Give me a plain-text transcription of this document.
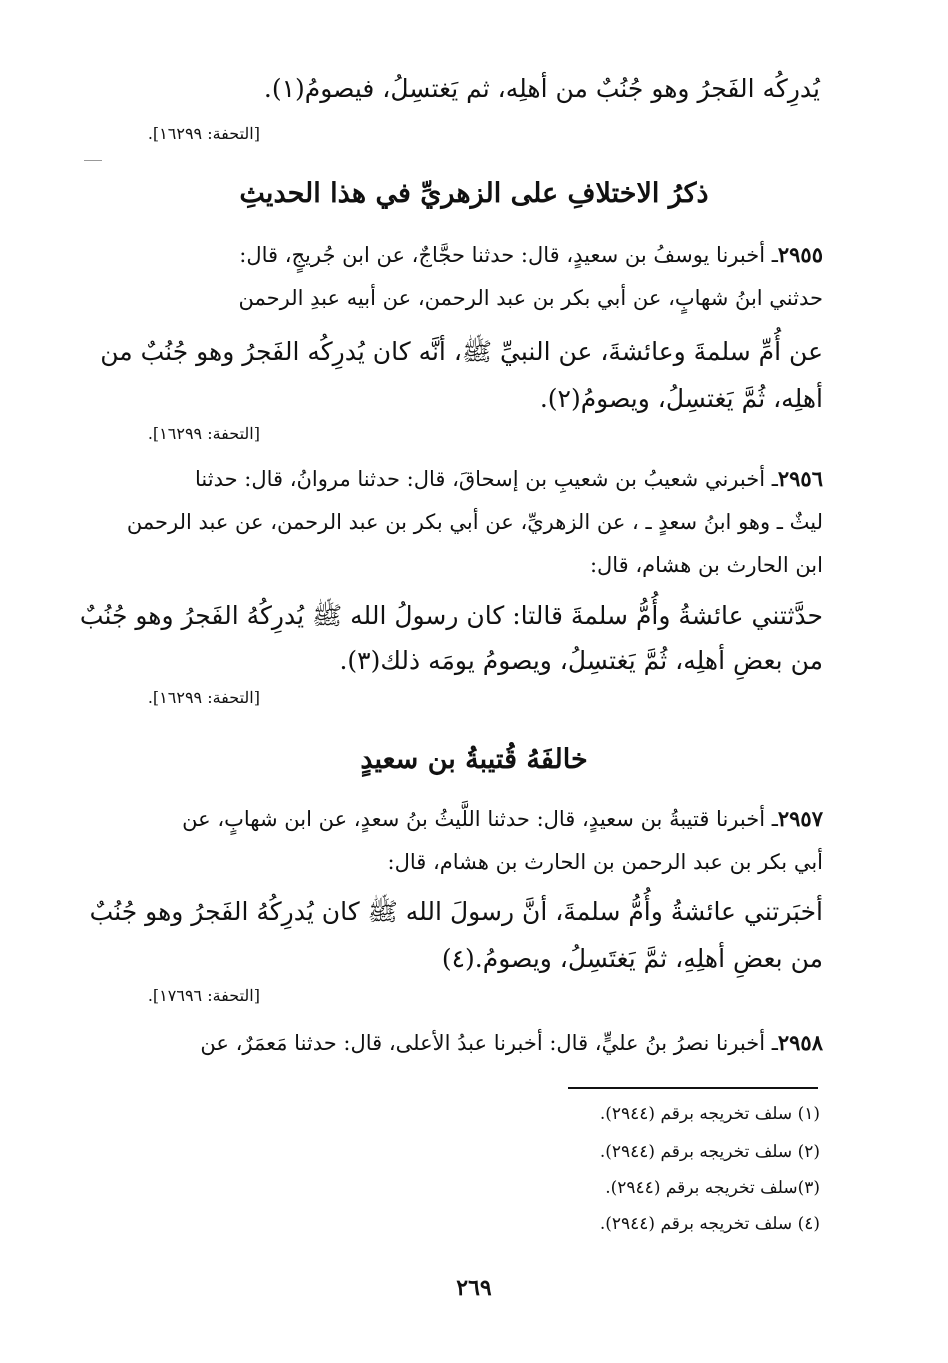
يُدرِكُه الفَجرُ وهو جُنُبٌ من أهلِه، ثم يَغتسِلُ، فيصومُ(١).
[التحفة: ١٦٢٩٩].
ذكرُ الاختلافِ على الزهريِّ في هذا الحديثِ
٢٩٥٥ـ أخبرنا يوسفُ بن سعيدٍ، قال: حدثنا حجَّاجٌ، عن ابن جُريجٍ، قال:
حدثني ابنُ شهابٍ، عن أبي بكر بن عبد الرحمن، عن أبيه عبدِ الرحمن
عن أُمِّ سلمةَ وعائشةَ، عن النبيِّ ﷺ، أنَّه كان يُدرِكُه الفَجرُ وهو جُنُبٌ من
أهلِه، ثُمَّ يَغتسِلُ، ويصومُ(٢).
[التحفة: ١٦٢٩٩].
٢٩٥٦ـ أخبرني شعيبُ بن شعيبِ بن إسحاقَ، قال: حدثنا مروانُ، قال: حدثنا
ليثٌ ـ وهو ابنُ سعدٍ ـ ، عن الزهريِّ، عن أبي بكر بن عبد الرحمن، عن عبد الرحمن
ابن الحارث بن هشام، قال:
حدَّثتني عائشةُ وأُمُّ سلمةَ قالتا: كان رسولُ الله ﷺ يُدرِكُهُ الفَجرُ وهو جُنُبٌ
من بعضِ أهلِه، ثُمَّ يَغتسِلُ، ويصومُ يومَه ذلك(٣).
[التحفة: ١٦٢٩٩].
خالفَهُ قُتيبةُ بن سعيدٍ
٢٩٥٧ـ أخبرنا قتيبةُ بن سعيدٍ، قال: حدثنا اللَّيثُ بنُ سعدٍ، عن ابن شهابٍ، عن
أبي بكر بن عبد الرحمن بن الحارث بن هشام، قال:
أخبَرتني عائشةُ وأُمُّ سلمةَ، أنَّ رسولَ الله ﷺ كان يُدرِكُهُ الفَجرُ وهو جُنُبٌ
من بعضِ أهلِهِ، ثمَّ يَغتَسِلُ، ويصومُ.(٤)
[التحفة: ١٧٦٩٦].
٢٩٥٨ـ أخبرنا نصرُ بنُ عليٍّ، قال: أخبرنا عبدُ الأعلى، قال: حدثنا مَعمَرٌ، عن
(١) سلف تخريجه برقم (٢٩٤٤).
(٢) سلف تخريجه برقم (٢٩٤٤).
(٣)سلف تخريجه برقم (٢٩٤٤).
(٤) سلف تخريجه برقم (٢٩٤٤).
٢٦٩
